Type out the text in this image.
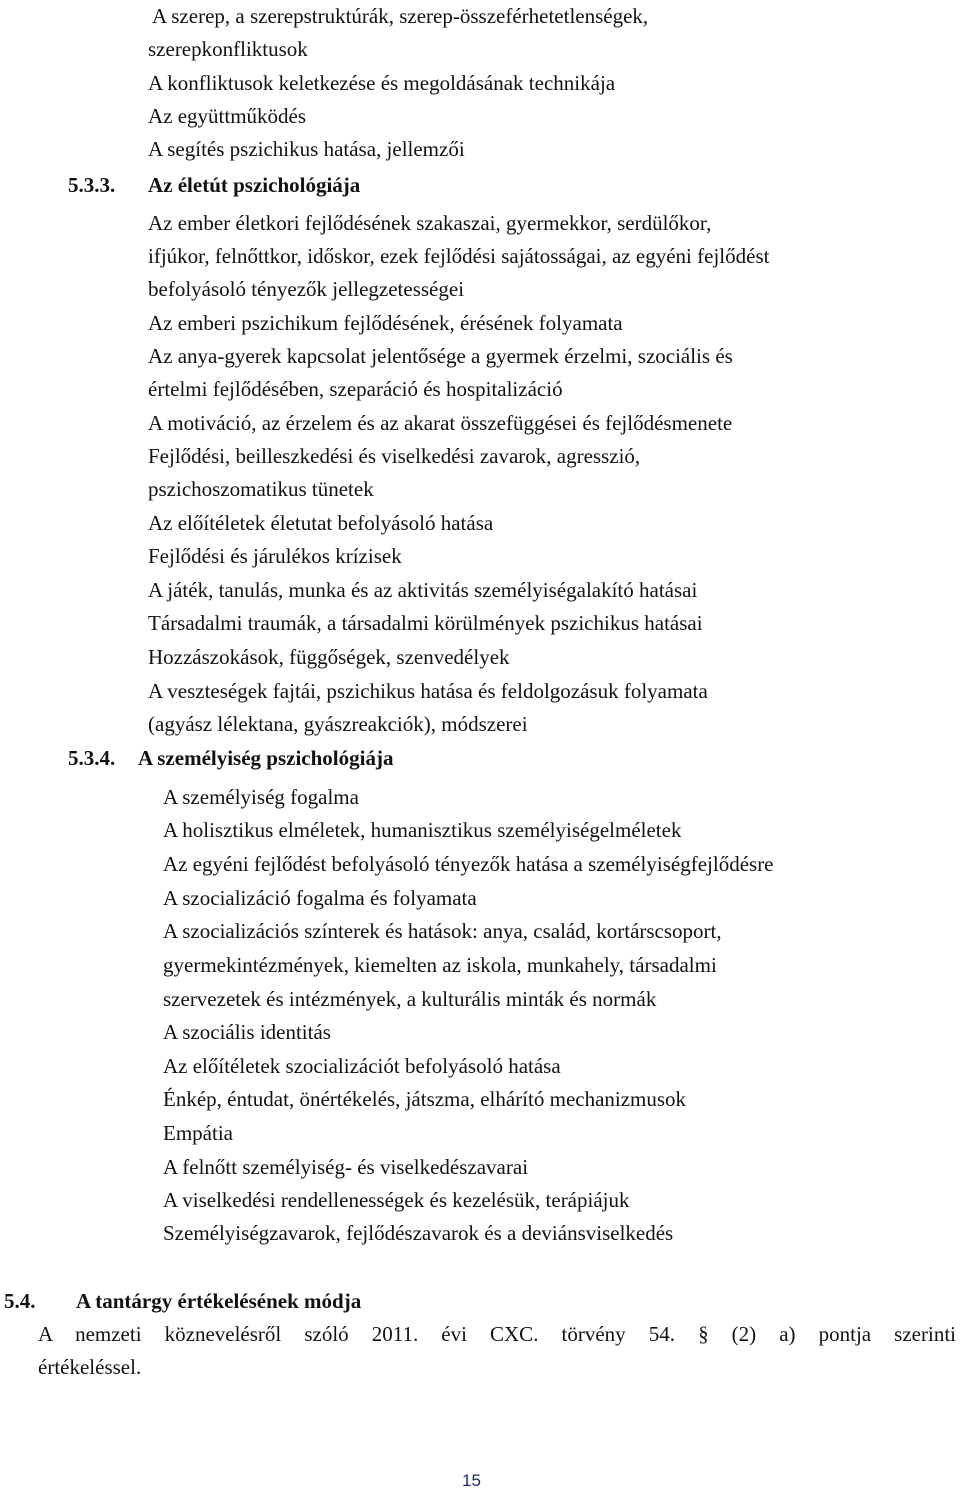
A szerep, a szerepstruktúrák, szerep-összeférhetetlenségek,
szerepkonfliktusok
A konfliktusok keletkezése és megoldásának technikája
Az együttműködés
A segítés pszichikus hatása, jellemzői
5.3.3. Az életút pszichológiája
Az ember életkori fejlődésének szakaszai, gyermekkor, serdülőkor,
ifjúkor, felnőttkor, időskor, ezek fejlődési sajátosságai, az egyéni fejlődést
befolyásoló tényezők jellegzetességei
Az emberi pszichikum fejlődésének, érésének folyamata
Az anya-gyerek kapcsolat jelentősége a gyermek érzelmi, szociális és
értelmi fejlődésében, szeparáció és hospitalizáció
A motiváció, az érzelem és az akarat összefüggései és fejlődésmenete
Fejlődési, beilleszkedési és viselkedési zavarok, agresszió,
pszichoszomatikus tünetek
Az előítéletek életutat befolyásoló hatása
Fejlődési és járulékos krízisek
A játék, tanulás, munka és az aktivitás személyiségalakító hatásai
Társadalmi traumák, a társadalmi körülmények pszichikus hatásai
Hozzászokások, függőségek, szenvedélyek
A veszteségek fajtái, pszichikus hatása és feldolgozásuk folyamata
(agyász lélektana, gyászreakciók), módszerei
5.3.4. A személyiség pszichológiája
A személyiség fogalma
A holisztikus elméletek, humanisztikus személyiségelméletek
Az egyéni fejlődést befolyásoló tényezők hatása a személyiségfejlődésre
A szocializáció fogalma és folyamata
A szocializációs színterek és hatások: anya, család, kortárscsoport,
gyermekintézmények, kiemelten az iskola, munkahely, társadalmi
szervezetek és intézmények, a kulturális minták és normák
A szociális identitás
Az előítéletek szocializációt befolyásoló hatása
Énkép, éntudat, önértékelés, játszma, elhárító mechanizmusok
Empátia
A felnőtt személyiség- és viselkedészavarai
A viselkedési rendellenességek és kezelésük, terápiájuk
Személyiségzavarok, fejlődészavarok és a deviánsviselkedés
5.4. A tantárgy értékelésének módja
A nemzeti köznevelésről szóló 2011. évi CXC. törvény 54. § (2) a) pontja szerinti
értékeléssel.
15
